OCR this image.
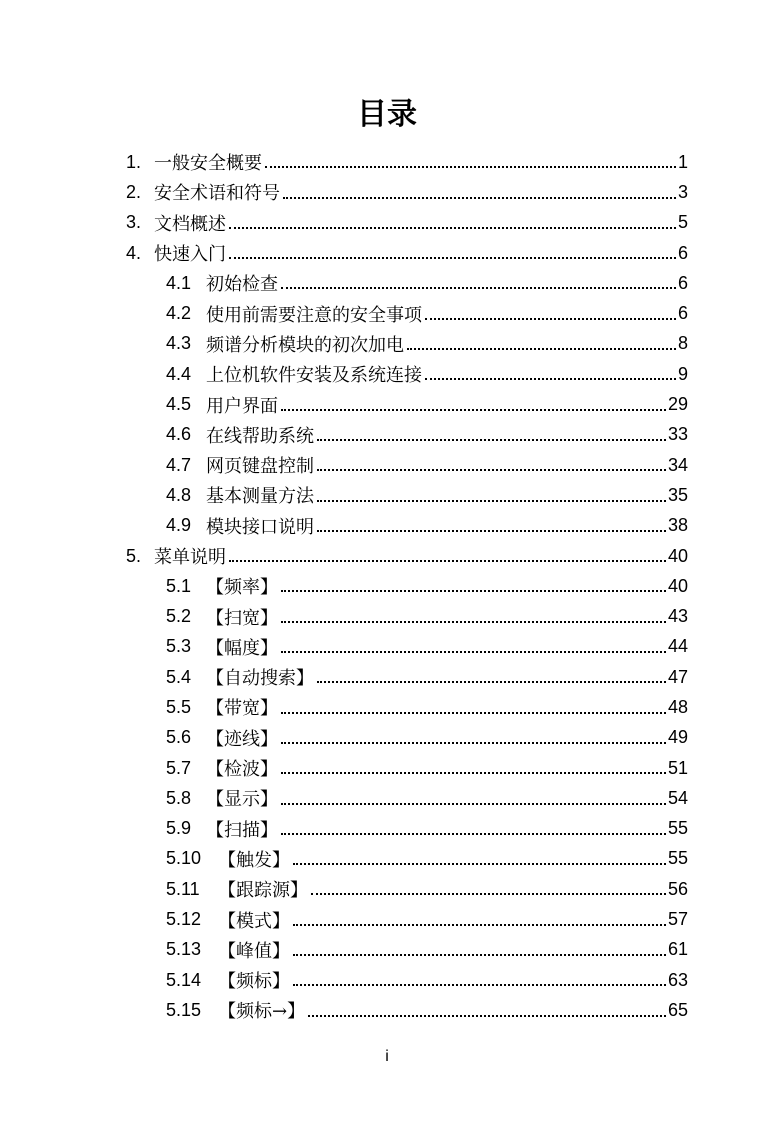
目录
1. 一般安全概要	1
2. 安全术语和符号	3
3. 文档概述	5
4. 快速入门	6
4.1 初始检查	6
4.2 使用前需要注意的安全事项	6
4.3 频谱分析模块的初次加电	8
4.4 上位机软件安装及系统连接	9
4.5 用户界面	29
4.6 在线帮助系统	33
4.7 网页键盘控制	34
4.8 基本测量方法	35
4.9 模块接口说明	38
5. 菜单说明	40
5.1 【频率】	40
5.2 【扫宽】	43
5.3 【幅度】	44
5.4 【自动搜索】	47
5.5 【带宽】	48
5.6 【迹线】	49
5.7 【检波】	51
5.8 【显示】	54
5.9 【扫描】	55
5.10 【触发】	55
5.11	【跟踪源】	56
5.12 【模式】	57
5.13 【峰值】	61
5.14 【频标】	63
5.15 【频标→】	65
i
